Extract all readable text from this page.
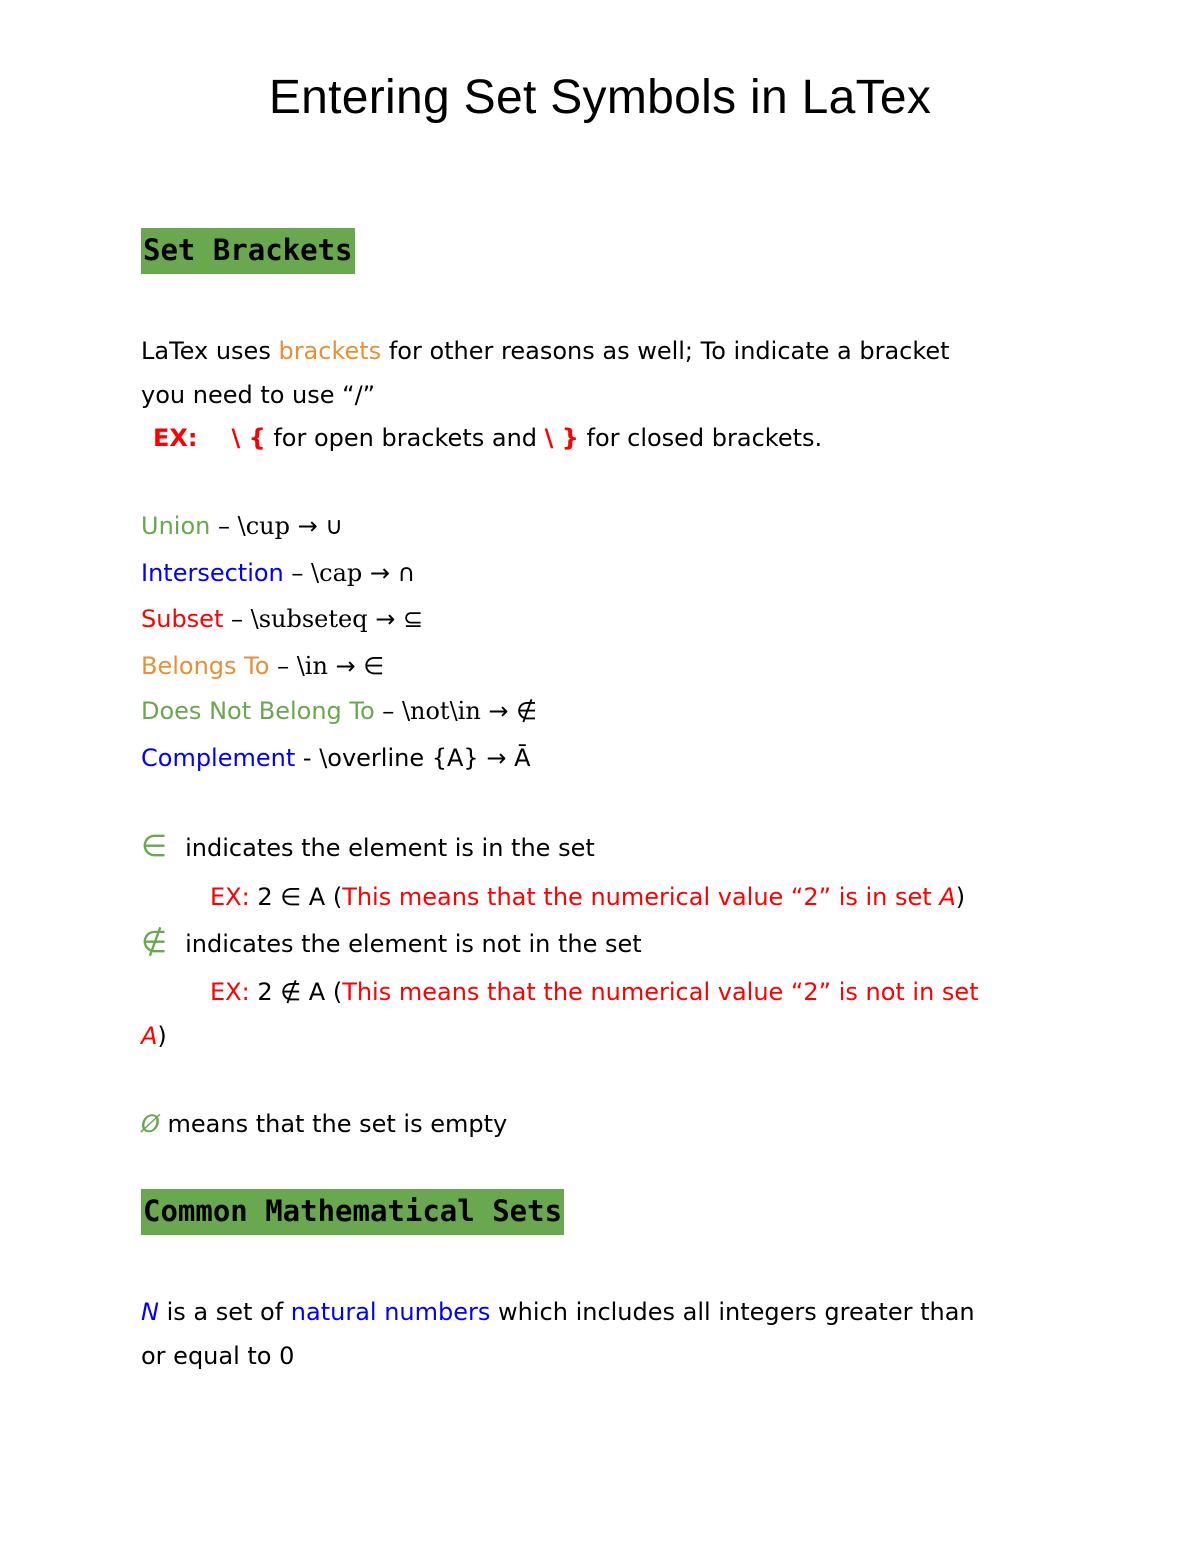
Entering Set Symbols in LaTex
Set Brackets
LaTex uses brackets for other reasons as well; To indicate a bracket
you need to use “/”
EX: \ { for open brackets and \ } for closed brackets.
Union – \cup → ∪
Intersection – \cap → ∩
Subset – \subseteq → ⊆
Belongs To – \in → ∈
Does Not Belong To – \not\in → ∉
Complement - \overline {A} → Ā
∈ indicates the element is in the set
EX: 2 ∈ A (This means that the numerical value “2” is in set A)
∉ indicates the element is not in the set
EX: 2 ∉ A (This means that the numerical value “2” is not in set
A)
Ø means that the set is empty
Common Mathematical Sets
N is a set of natural numbers which includes all integers greater than
or equal to 0
